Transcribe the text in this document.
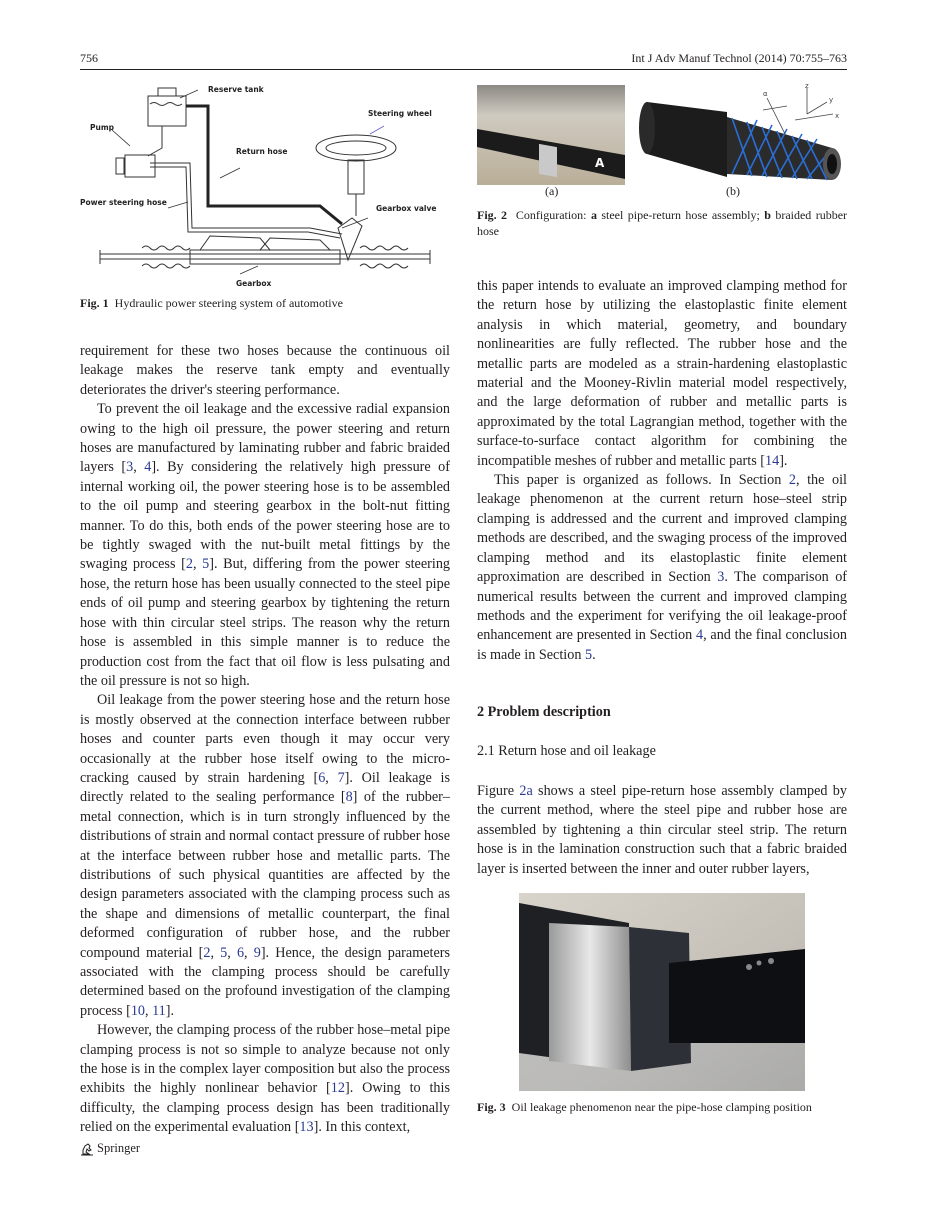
756	Int J Adv Manuf Technol (2014) 70:755–763
Reserve tank
Pump
Steering wheel
Return hose
Power steering hose
Gearbox valve
Gearbox
Fig. 1 Hydraulic power steering system of automotive
A
(a)
z
y
x
α
(b)
Fig. 2 Configuration: a steel pipe-return hose assembly; b braided rubber hose

requirement for these two hoses because the continuous oil leakage makes the reserve tank empty and eventually deteriorates the driver's steering performance.

To prevent the oil leakage and the excessive radial expansion owing to the high oil pressure, the power steering and return hoses are manufactured by laminating rubber and fabric braided layers [3, 4]. By considering the relatively high pressure of internal working oil, the power steering hose is to be assembled to the oil pump and steering gearbox in the bolt-nut fitting manner. To do this, both ends of the power steering hose are to be tightly swaged with the nut-built metal fittings by the swaging process [2, 5]. But, differing from the power steering hose, the return hose has been usually connected to the steel pipe ends of oil pump and steering gearbox by tightening the return hose with thin circular steel strips. The reason why the return hose is assembled in this simple manner is to reduce the production cost from the fact that oil flow is less pulsating and the oil pressure is not so high.

Oil leakage from the power steering hose and the return hose is mostly observed at the connection interface between rubber hoses and counter parts even though it may occur very occasionally at the rubber hose itself owing to the micro-cracking caused by strain hardening [6, 7]. Oil leakage is directly related to the sealing performance [8] of the rubber–metal connection, which is in turn strongly influenced by the distributions of strain and normal contact pressure of rubber hose at the interface between rubber hose and metallic parts. The distributions of such physical quantities are affected by the design parameters associated with the clamping process such as the shape and dimensions of metallic counterpart, the final deformed configuration of rubber hose, and the rubber compound material [2, 5, 6, 9]. Hence, the design parameters associated with the clamping process should be carefully determined based on the profound investigation of the clamping process [10, 11].

However, the clamping process of the rubber hose–metal pipe clamping process is not so simple to analyze because not only the hose is in the complex layer composition but also the process exhibits the highly nonlinear behavior [12]. Owing to this difficulty, the clamping process design has been traditionally relied on the experimental evaluation [13]. In this context,

this paper intends to evaluate an improved clamping method for the return hose by utilizing the elastoplastic finite element analysis in which material, geometry, and boundary nonlinearities are fully reflected. The rubber hose and the metallic parts are modeled as a strain-hardening elastoplastic material and the Mooney-Rivlin material model respectively, and the large deformation of rubber and metallic parts is approximated by the total Lagrangian method, together with the surface-to-surface contact algorithm for combining the incompatible meshes of rubber and metallic parts [14].

This paper is organized as follows. In Section 2, the oil leakage phenomenon at the current return hose–steel strip clamping is addressed and the current and improved clamping methods are described, and the swaging process of the improved clamping method and its elastoplastic finite element approximation are described in Section 3. The comparison of numerical results between the current and improved clamping methods and the experiment for verifying the oil leakage-proof enhancement are presented in Section 4, and the final conclusion is made in Section 5.

2 Problem description
2.1 Return hose and oil leakage

Figure 2a shows a steel pipe-return hose assembly clamped by the current method, where the steel pipe and rubber hose are assembled by tightening a thin circular steel strip. The return hose is in the lamination construction such that a fabric braided layer is inserted between the inner and outer rubber layers,

Fig. 3 Oil leakage phenomenon near the pipe-hose clamping position
Springer
